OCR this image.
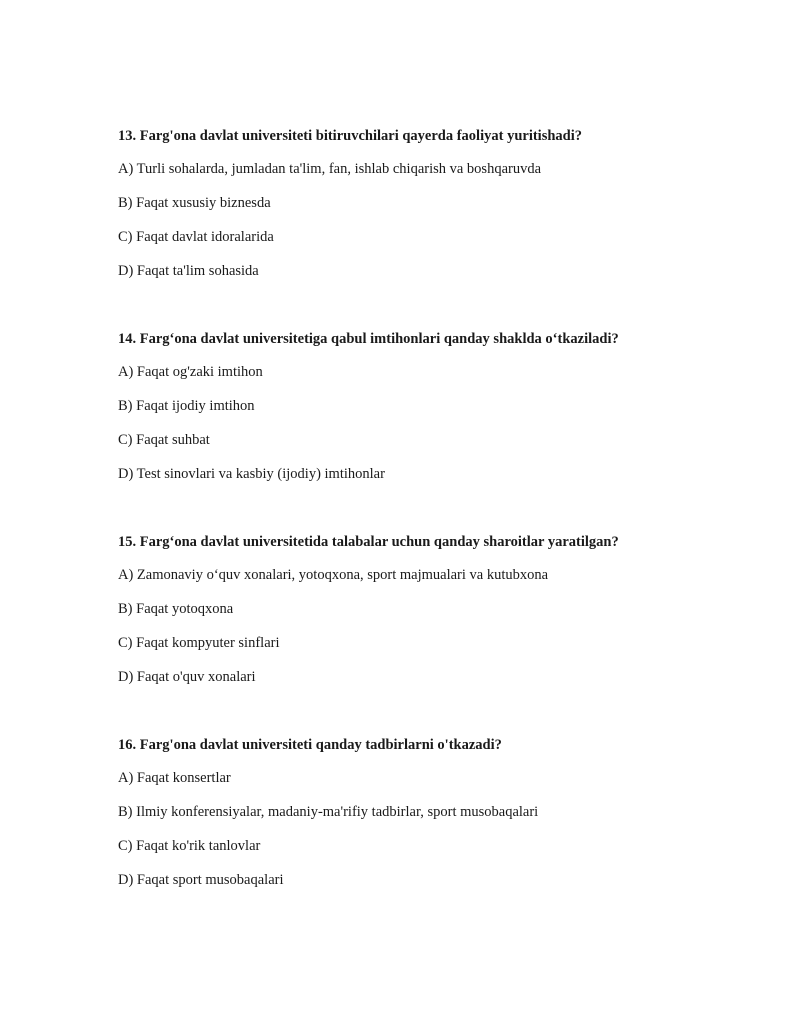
13. Farg'ona davlat universiteti bitiruvchilari qayerda faoliyat yuritishadi?
A) Turli sohalarda, jumladan ta'lim, fan, ishlab chiqarish va boshqaruvda
B) Faqat xususiy biznesda
C) Faqat davlat idoralarida
D) Faqat ta'lim sohasida
14. Farg‘ona davlat universitetiga qabul imtihonlari qanday shaklda o‘tkaziladi?
A) Faqat og'zaki imtihon
B) Faqat ijodiy imtihon
C) Faqat suhbat
D) Test sinovlari va kasbiy (ijodiy) imtihonlar
15. Farg‘ona davlat universitetida talabalar uchun qanday sharoitlar yaratilgan?
A) Zamonaviy o‘quv xonalari, yotoqxona, sport majmualari va kutubxona
B) Faqat yotoqxona
C) Faqat kompyuter sinflari
D) Faqat o'quv xonalari
16. Farg'ona davlat universiteti qanday tadbirlarni o'tkazadi?
A) Faqat konsertlar
B) Ilmiy konferensiyalar, madaniy-ma'rifiy tadbirlar, sport musobaqalari
C) Faqat ko'rik tanlovlar
D) Faqat sport musobaqalari
